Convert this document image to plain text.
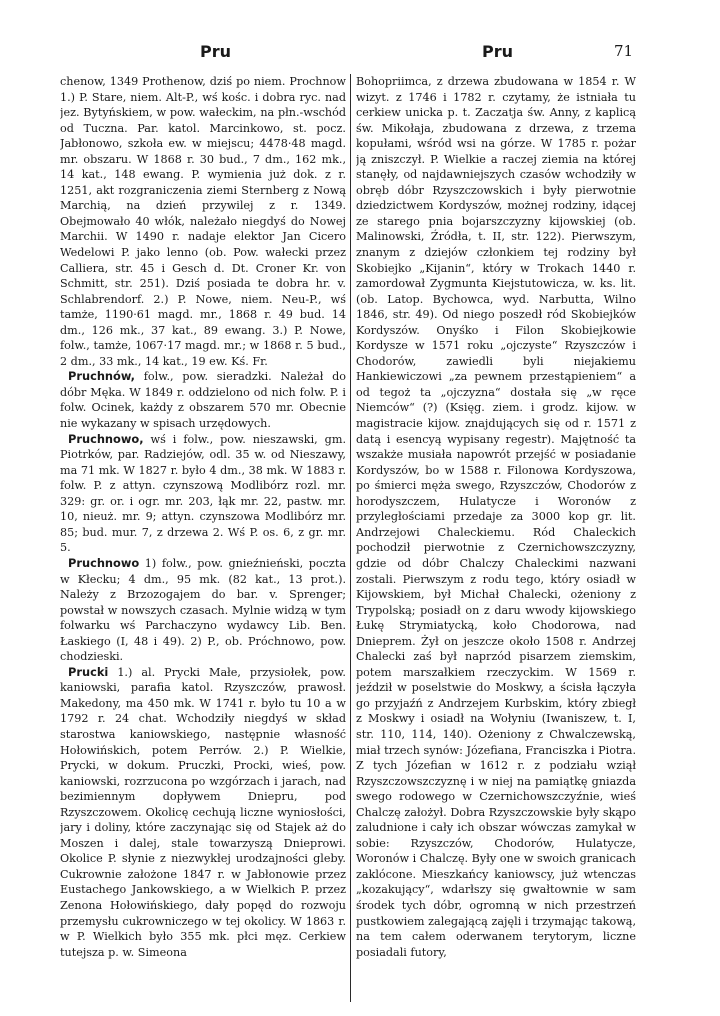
Pru	Pru	71

chenow, 1349 Prothenow, dziś po niem. Prochnow 1.) P. Stare, niem. Alt-P., wś kośc. i dobra ryc. nad jez. Bytyńskiem, w pow. wałeckim, na płn.-wschód od Tuczna. Par. katol. Marcinkowo, st. pocz. Jabłonowo, szkoła ew. w miejscu; 4478·48 magd. mr. obszaru. W 1868 r. 30 bud., 7 dm., 162 mk., 14 kat., 148 ewang. P. wymienia już dok. z r. 1251, akt rozgraniczenia ziemi Sternberg z Nową Marchią, na dzień przywilej z r. 1349. Obejmowało 40 włók, należało niegdyś do Nowej Marchii. W 1490 r. nadaje elektor Jan Cicero Wedelowi P. jako lenno (ob. Pow. wałecki przez Calliera, str. 45 i Gesch d. Dt. Croner Kr. von Schmitt, str. 251). Dziś posiada te dobra hr. v. Schlabrendorf. 2.) P. Nowe, niem. Neu-P., wś tamże, 1190·61 magd. mr., 1868 r. 49 bud. 14 dm., 126 mk., 37 kat., 89 ewang. 3.) P. Nowe, folw., tamże, 1067·17 magd. mr.; w 1868 r. 5 bud., 2 dm., 33 mk., 14 kat., 19 ew. Kś. Fr.

Pruchnów, folw., pow. sieradzki. Należał do dóbr Męka. W 1849 r. oddzielono od nich folw. P. i folw. Ocinek, każdy z obszarem 570 mr. Obecnie nie wykazany w spisach urzędowych.

Pruchnowo, wś i folw., pow. nieszawski, gm. Piotrków, par. Radziejów, odl. 35 w. od Nieszawy, ma 71 mk. W 1827 r. było 4 dm., 38 mk. W 1883 r. folw. P. z attyn. czynszową Modlibórz rozl. mr. 329: gr. or. i ogr. mr. 203, łąk mr. 22, pastw. mr. 10, nieuż. mr. 9; attyn. czynszowa Modlibórz mr. 85; bud. mur. 7, z drzewa 2. Wś P. os. 6, z gr. mr. 5.

Pruchnowo 1) folw., pow. gnieźnieński, poczta w Kłecku; 4 dm., 95 mk. (82 kat., 13 prot.). Należy z Brzozogajem do bar. v. Sprenger; powstał w nowszych czasach. Mylnie widzą w tym folwarku wś Parchaczyno wydawcy Lib. Ben. Łaskiego (I, 48 i 49). 2) P., ob. Próchnowo, pow. chodzieski.

Prucki 1.) al. Prycki Małe, przysiołek, pow. kaniowski, parafia katol. Rzyszczów, prawosł. Makedony, ma 450 mk. W 1741 r. było tu 10 a w 1792 r. 24 chat. Wchodziły niegdyś w skład starostwa kaniowskiego, następnie własność Hołowińskich, potem Perrów. 2.) P. Wielkie, Prycki, w dokum. Pruczki, Procki, wieś, pow. kaniowski, rozrzucona po wzgórzach i jarach, nad bezimiennym dopływem Dniepru, pod Rzyszczowem. Okolicę cechują liczne wyniosłości, jary i doliny, które zaczynając się od Stajek aż do Moszen i dalej, stale towarzyszą Dnieprowi. Okolice P. słynie z niezwykłej urodzajności gleby. Cukrownie założone 1847 r. w Jabłonowie przez Eustachego Jankowskiego, a w Wielkich P. przez Zenona Hołowińskiego, dały popęd do rozwoju przemysłu cukrowniczego w tej okolicy. W 1863 r. w P. Wielkich było 355 mk. płci męz. Cerkiew tutejsza p. w. Simeona

Bohopriimca, z drzewa zbudowana w 1854 r. W wizyt. z 1746 i 1782 r. czytamy, że istniała tu cerkiew unicka p. t. Zaczatja św. Anny, z kaplicą św. Mikołaja, zbudowana z drzewa, z trzema kopułami, wśród wsi na górze. W 1785 r. pożar ją zniszczył. P. Wielkie a raczej ziemia na której stanęły, od najdawniejszych czasów wchodziły w obręb dóbr Rzyszczowskich i były pierwotnie dziedzictwem Kordyszów, możnej rodziny, idącej ze starego pnia bojarszczyzny kijowskiej (ob. Malinowski, Źródła, t. II, str. 122). Pierwszym, znanym z dziejów członkiem tej rodziny był Skobiejko „Kijanin“, który w Trokach 1440 r. zamordował Zygmunta Kiejstutowicza, w. ks. lit. (ob. Latop. Bychowca, wyd. Narbutta, Wilno 1846, str. 49). Od niego poszedł ród Skobiejków Kordyszów. Onyśko i Filon Skobiejkowie Kordysze w 1571 roku „ojczyste“ Rzyszczów i Chodorów, zawiedli byli niejakiemu Hankiewiczowi „za pewnem przestąpieniem“ a od tegoż ta „ojczyzna“ dostała się „w ręce Niemców“ (?) (Księg. ziem. i grodz. kijow. w magistracie kijow. znajdujących się od r. 1571 z datą i esencyą wypisany regestr). Majętność ta wszakże musiała napowrót przejść w posiadanie Kordyszów, bo w 1588 r. Filonowa Kordyszowa, po śmierci męża swego, Rzyszczów, Chodorów z horodyszczem, Hulatycze i Woronów z przyległościami przedaje za 3000 kop gr. lit. Andrzejowi Chaleckiemu. Ród Chaleckich pochodził pierwotnie z Czernichowszczyzny, gdzie od dóbr Chalczy Chaleckimi nazwani zostali. Pierwszym z rodu tego, który osiadł w Kijowskiem, był Michał Chalecki, ożeniony z Trypolską; posiadł on z daru wwody kijowskiego Łukę Strymiatycką, koło Chodorowa, nad Dnieprem. Żył on jeszcze około 1508 r. Andrzej Chalecki zaś był naprzód pisarzem ziemskim, potem marszałkiem rzeczyckim. W 1569 r. jeździł w poselstwie do Moskwy, a ścisła łączyła go przyjaźń z Andrzejem Kurbskim, który zbiegł z Moskwy i osiadł na Wołyniu (Iwaniszew, t. I, str. 110, 114, 140). Ożeniony z Chwalczewską, miał trzech synów: Józefiana, Franciszka i Piotra. Z tych Józefian w 1612 r. z podziału wziął Rzyszczowszczyznę i w niej na pamiątkę gniazda swego rodowego w Czernichowszczyźnie, wieś Chalczę założył. Dobra Rzyszczowskie były skąpo zaludnione i cały ich obszar wówczas zamykał w sobie: Rzyszczów, Chodorów, Hulatycze, Woronów i Chalczę. Były one w swoich granicach zaklócone. Mieszkańcy kaniowscy, już wtenczas „kozakujący“, wdarłszy się gwałtownie w sam środek tych dóbr, ogromną w nich przestrzeń pustkowiem zalegającą zajęli i trzymając takową, na tem całem oderwanem terytorym, liczne posiadali futory,
